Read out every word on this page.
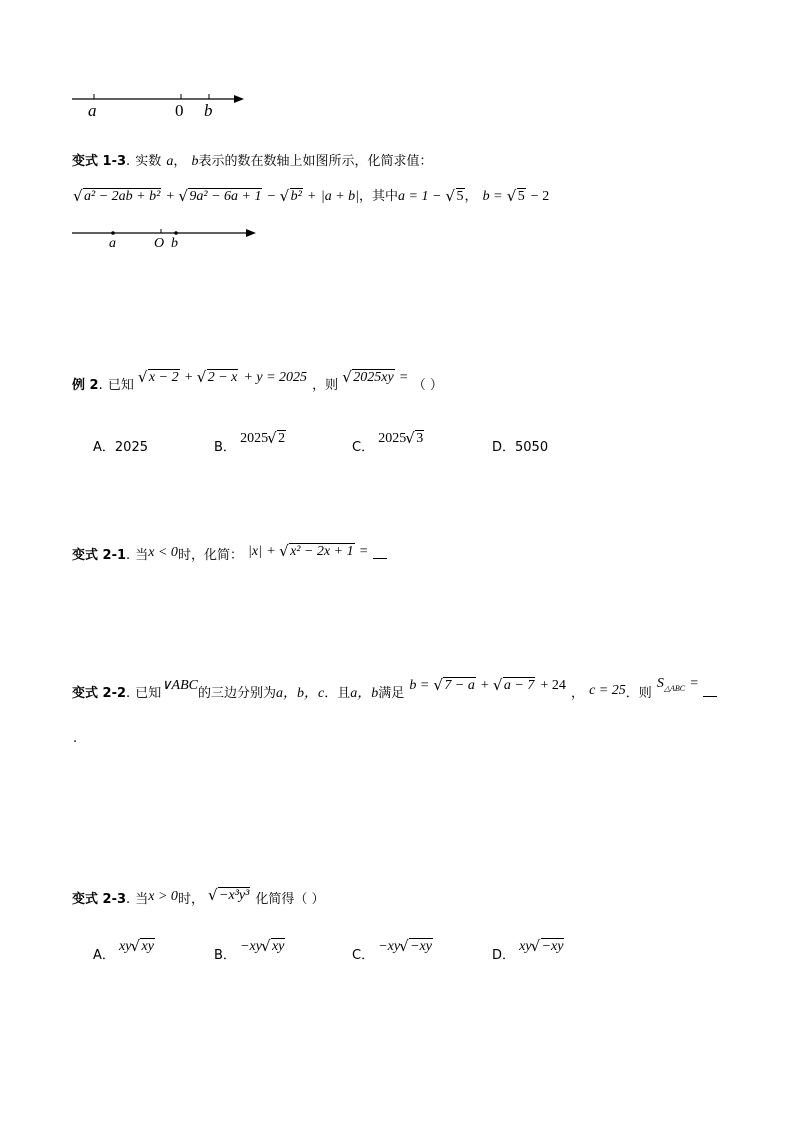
a	0 b
变式 1-3. 实数 a， b表示的数在数轴上如图所示，化简求值：
√ a² − 2ab + b² + √ 9a² − 6a + 1 − √ b² + |a + b|，其中a = 1 − √ 5， b = √ 5 − 2
a	O b
例 2. 已知 √ x − 2 + √ 2 − x + y = 2025 ，则 √ 2025xy = （ ）
A．2025	B． 2025 √ 2
C． 2025 √ 3
D．5050
变式 2-1. 当x < 0时，化简： |x| + √ x² − 2x + 1 =
变式 2-2. 已知∨ABC的三边分别为a，b，c．且a，b满足 b = √ 7 − a + √ a − 7 + 24 ， c = 25．则 $S_{\triangle ABC}$ =
.
变式 2-3. 当x > 0时， √ −x³y³ 化简得（ ）
A． xy √ xy
B． −xy √ xy
C． −xy √ −xy
D． xy √ −xy
